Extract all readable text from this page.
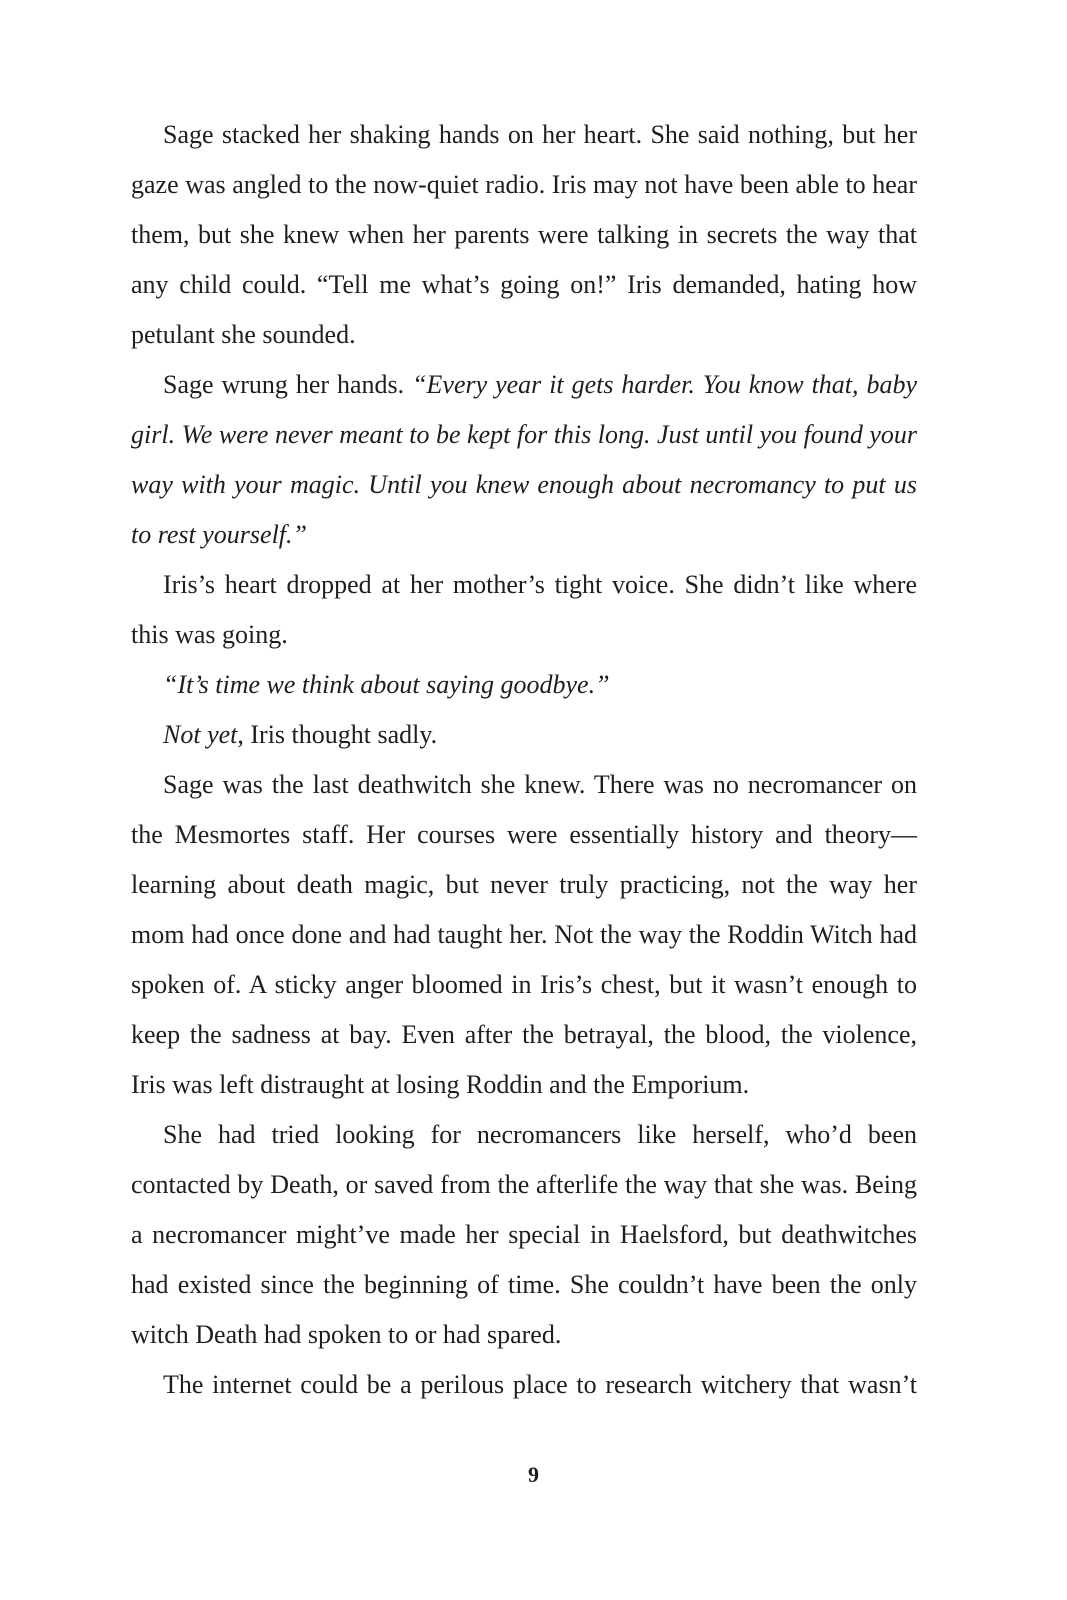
Sage stacked her shaking hands on her heart. She said nothing, but her gaze was angled to the now-quiet radio. Iris may not have been able to hear them, but she knew when her parents were talking in secrets the way that any child could. “Tell me what’s going on!” Iris demanded, hating how petulant she sounded.

Sage wrung her hands. “Every year it gets harder. You know that, baby girl. We were never meant to be kept for this long. Just until you found your way with your magic. Until you knew enough about necromancy to put us to rest yourself.”

Iris’s heart dropped at her mother’s tight voice. She didn’t like where this was going.

“It’s time we think about saying goodbye.”

Not yet, Iris thought sadly.

Sage was the last deathwitch she knew. There was no necromancer on the Mesmortes staff. Her courses were essentially history and theory—learning about death magic, but never truly practicing, not the way her mom had once done and had taught her. Not the way the Roddin Witch had spoken of. A sticky anger bloomed in Iris’s chest, but it wasn’t enough to keep the sadness at bay. Even after the betrayal, the blood, the violence, Iris was left distraught at losing Roddin and the Emporium.

She had tried looking for necromancers like herself, who’d been contacted by Death, or saved from the afterlife the way that she was. Being a necromancer might’ve made her special in Haelsford, but deathwitches had existed since the beginning of time. She couldn’t have been the only witch Death had spoken to or had spared.

The internet could be a perilous place to research witchery that wasn’t

9
